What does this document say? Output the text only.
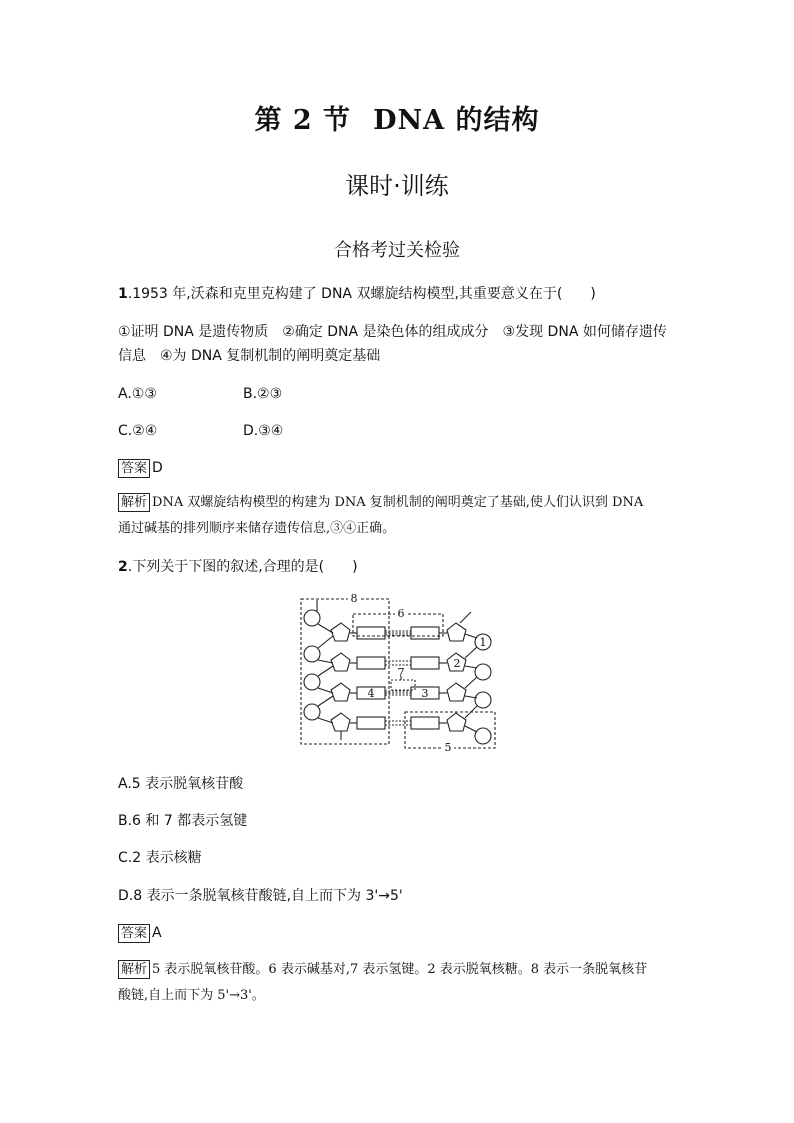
第 2 节 DNA 的结构
课时·训练
合格考过关检验
1.1953 年,沃森和克里克构建了 DNA 双螺旋结构模型,其重要意义在于(　　)
①证明 DNA 是遗传物质　②确定 DNA 是染色体的组成成分　③发现 DNA 如何储存遗传
信息　④为 DNA 复制机制的阐明奠定基础
A.①③	B.②③
C.②④	D.③④
答案 D
解析 DNA 双螺旋结构模型的构建为 DNA 复制机制的阐明奠定了基础,使人们认识到 DNA
通过碱基的排列顺序来储存遗传信息,③④正确。
2.下列关于下图的叙述,合理的是(　　)
8
6
7
5
4	3
2
1
A.5 表示脱氧核苷酸
B.6 和 7 都表示氢键
C.2 表示核糖
D.8 表示一条脱氧核苷酸链,自上而下为 3'→5'
答案 A
解析 5 表示脱氧核苷酸。6 表示碱基对,7 表示氢键。2 表示脱氧核糖。8 表示一条脱氧核苷
酸链,自上而下为 5'→3'。
